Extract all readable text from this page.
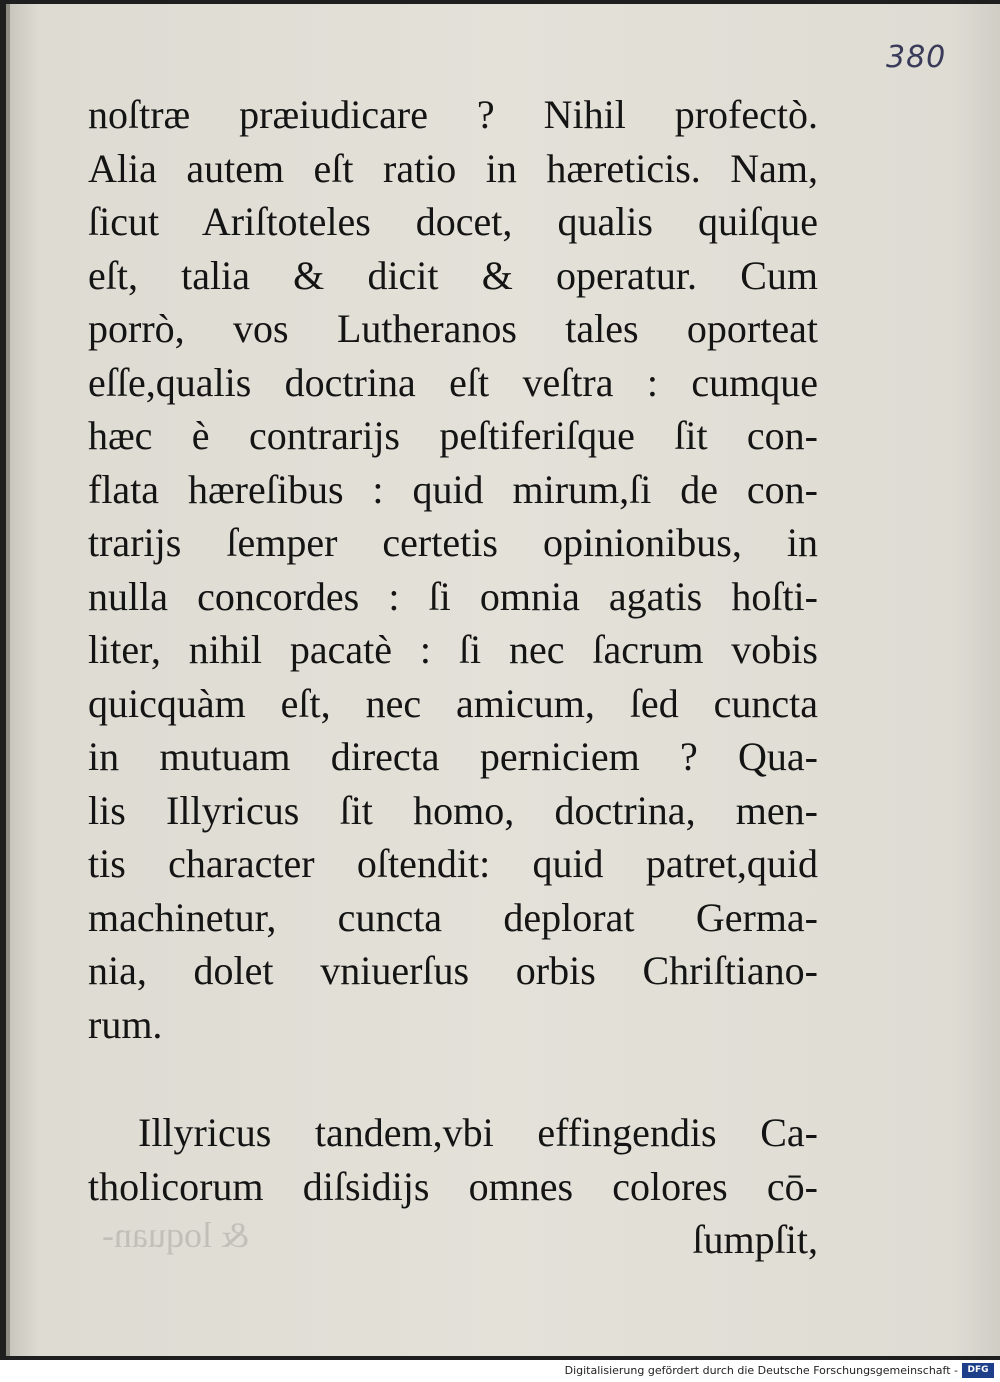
380
noſtræ præiudicare ? Nihil profectò.
Alia autem eſt ratio in hæreticis. Nam,
ſicut Ariſtoteles docet, qualis quiſque
eſt, talia & dicit & operatur. Cum
porrò, vos Lutheranos tales oporteat
eſſe,qualis doctrina eſt veſtra : cumque
hæc è contrarijs peſtiferiſque ſit con-
flata hæreſibus : quid mirum,ſi de con-
trarijs ſemper certetis opinionibus, in
nulla concordes : ſi omnia agatis hoſti-
liter, nihil pacatè : ſi nec ſacrum vobis
quicquàm eſt, nec amicum, ſed cuncta
in mutuam directa perniciem ? Qua-
lis Illyricus ſit homo, doctrina, men-
tis character oſtendit: quid patret,quid
machinetur, cuncta deplorat Germa-
nia, dolet vniuerſus orbis Chriſtiano-
rum.
& loquan-
Illyricus tandem,vbi effingendis Ca-
tholicorum diſsidijs omnes colores cō-
ſumpſit,
Digitalisierung gefördert durch die Deutsche Forschungsgemeinschaft -	DFG
